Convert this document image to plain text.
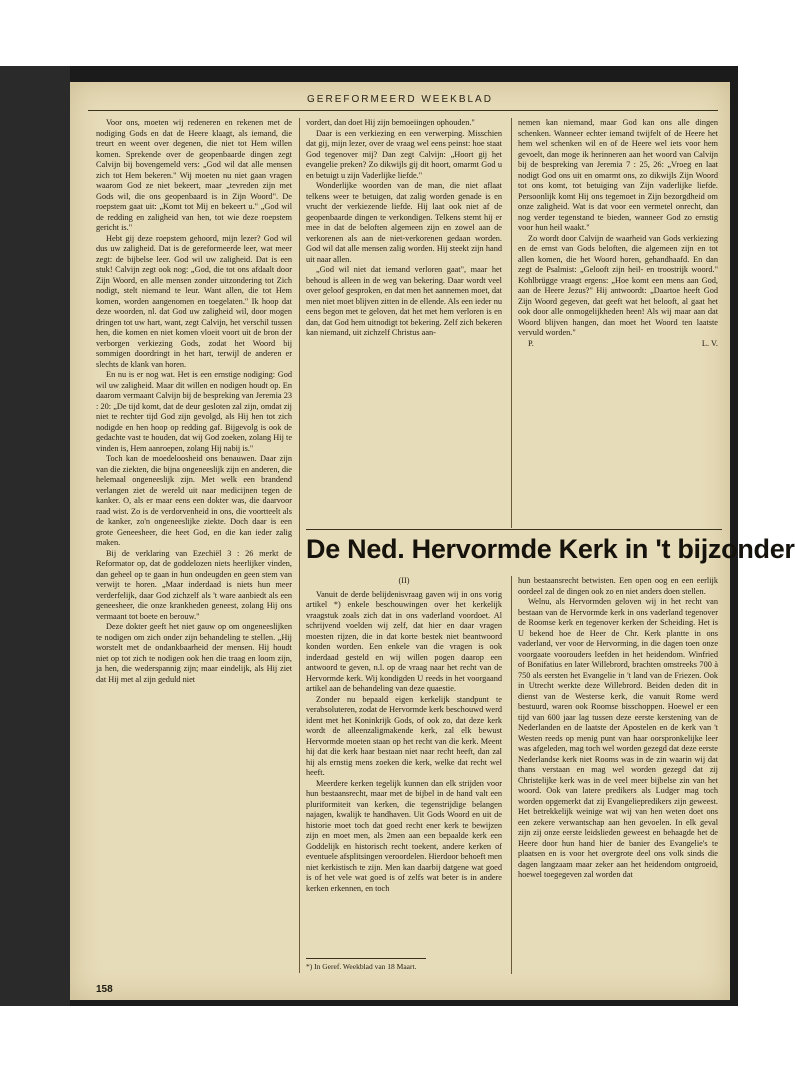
GEREFORMEERD WEEKBLAD

Voor ons, moeten wij redeneren en rekenen met de nodiging Gods en dat de Heere klaagt, als iemand, die treurt en weent over degenen, die niet tot Hem willen komen. Sprekende over de geopenbaarde dingen zegt Calvijn bij bovengemeld vers: „God wil dat alle mensen zich tot Hem bekeren." Wij moeten nu niet gaan vragen waarom God ze niet bekeert, maar „tevreden zijn met Gods wil, die ons geopenbaard is in Zijn Woord". De roepstem gaat uit: „Komt tot Mij en bekeert u." „God wil de redding en zaligheid van hen, tot wie deze roepstem gericht is."

Hebt gij deze roepstem gehoord, mijn lezer? God wil dus uw zaligheid. Dat is de gereformeerde leer, wat meer zegt: de bijbelse leer. God wil uw zaligheid. Dat is een stuk! Calvijn zegt ook nog: „God, die tot ons afdaalt door Zijn Woord, en alle mensen zonder uitzondering tot Zich nodigt, stelt niemand te leur. Want allen, die tot Hem komen, worden aangenomen en toegelaten." Ik hoop dat deze woorden, nl. dat God uw zaligheid wil, door mogen dringen tot uw hart, want, zegt Calvijn, het verschil tussen hen, die komen en niet komen vloeit voort uit de bron der verborgen verkiezing Gods, zodat het Woord bij sommigen doordringt in het hart, terwijl de anderen er slechts de klank van horen.

En nu is er nog wat. Het is een ernstige nodiging: God wil uw zaligheid. Maar dit willen en nodigen houdt op. En daarom vermaant Calvijn bij de bespreking van Jeremia 23 : 20: „De tijd komt, dat de deur gesloten zal zijn, omdat zij niet te rechter tijd God zijn gevolgd, als Hij hen tot zich nodigde en hen hoop op redding gaf. Bijgevolg is ook de gedachte vast te houden, dat wij God zoeken, zolang Hij te vinden is, Hem aanroepen, zolang Hij nabij is."

Toch kan de moedeloosheid ons benauwen. Daar zijn van die ziekten, die bijna ongeneeslijk zijn en anderen, die helemaal ongeneeslijk zijn. Met welk een brandend verlangen ziet de wereld uit naar medicijnen tegen de kanker. O, als er maar eens een dokter was, die daarvoor raad wist. Zo is de verdorvenheid in ons, die voortteelt als de kanker, zo'n ongeneeslijke ziekte. Doch daar is een grote Geneesheer, die heet God, en die kan ieder zalig maken.

Bij de verklaring van Ezechiël 3 : 26 merkt de Reformator op, dat de goddelozen niets heerlijker vinden, dan geheel op te gaan in hun ondeugden en geen stem van verwijt te horen. „Maar inderdaad is niets hun meer verderfelijk, daar God zichzelf als 't ware aanbiedt als een geneesheer, die onze krankheden geneest, zolang Hij ons vermaant tot boete en berouw."

Deze dokter geeft het niet gauw op om ongeneeslijken te nodigen om zich onder zijn behandeling te stellen. „Hij worstelt met de ondankbaarheid der mensen. Hij houdt niet op tot zich te nodigen ook hen die traag en loom zijn, ja hen, die wederspannig zijn; maar eindelijk, als Hij ziet dat Hij met al zijn geduld niet

vordert, dan doet Hij zijn bemoeiingen ophouden."

Daar is een verkiezing en een verwerping. Misschien dat gij, mijn lezer, over de vraag wel eens peinst: hoe staat God tegenover mij? Dan zegt Calvijn: „Hoort gij het evangelie preken? Zo dikwijls gij dit hoort, omarmt God u en betuigt u zijn Vaderlijke liefde."

Wonderlijke woorden van de man, die niet aflaat telkens weer te betuigen, dat zalig worden genade is en vrucht der verkiezende liefde. Hij laat ook niet af de geopenbaarde dingen te verkondigen. Telkens stemt hij er mee in dat de beloften algemeen zijn en zowel aan de verkorenen als aan de niet-verkorenen gedaan worden. God wil dat alle mensen zalig worden. Hij steekt zijn hand uit naar allen.

„God wil niet dat iemand verloren gaat", maar het behoud is alleen in de weg van bekering. Daar wordt veel over geloof gesproken, en dat men het aannemen moet, dat men niet moet blijven zitten in de ellende. Als een ieder nu eens begon met te geloven, dat het met hem verloren is en dan, dat God hem uitnodigt tot bekering. Zelf zich bekeren kan niemand, uit zichzelf Christus aan-

nemen kan niemand, maar God kan ons alle dingen schenken. Wanneer echter iemand twijfelt of de Heere het hem wel schenken wil en of de Heere wel iets voor hem gevoelt, dan moge ik herinneren aan het woord van Calvijn bij de bespreking van Jeremia 7 : 25, 26: „Vroeg en laat nodigt God ons uit en omarmt ons, zo dikwijls Zijn Woord tot ons komt, tot betuiging van Zijn vaderlijke liefde. Persoonlijk komt Hij ons tegemoet in Zijn bezorgdheid om onze zaligheid. Wat is dat voor een vermetel onrecht, dan nog verder tegenstand te bieden, wanneer God zo ernstig voor hun heil waakt."

Zo wordt door Calvijn de waarheid van Gods verkiezing en de ernst van Gods beloften, die algemeen zijn en tot allen komen, die het Woord horen, gehandhaafd. En dan zegt de Psalmist: „Gelooft zijn heil- en troostrijk woord." Kohlbrügge vraagt ergens: „Hoe komt een mens aan God, aan de Heere Jezus?" Hij antwoordt: „Daartoe heeft God Zijn Woord gegeven, dat geeft wat het belooft, al gaat het ook door alle onmogelijkheden heen! Als wij maar aan dat Woord blijven hangen, dan moet het Woord ten laatste vervuld worden."

P.	L. V.

De Ned. Hervormde Kerk in 't bijzonder

(II)

Vanuit de derde belijdenisvraag gaven wij in ons vorig artikel *) enkele beschouwingen over het kerkelijk vraagstuk zoals zich dat in ons vaderland voordoet. Al schrijvend voelden wij zelf, dat hier en daar vragen moesten rijzen, die in dat korte bestek niet beantwoord konden worden. Een enkele van die vragen is ook inderdaad gesteld en wij willen pogen daarop een antwoord te geven, n.l. op de vraag naar het recht van de Hervormde kerk. Wij kondigden U reeds in het voorgaand artikel aan de behandeling van deze quaestie.

Zonder nu bepaald eigen kerkelijk standpunt te verabsoluteren, zodat de Hervormde kerk beschouwd werd ident met het Koninkrijk Gods, of ook zo, dat deze kerk wordt de alleenzaligmakende kerk, zal elk bewust Hervormde moeten staan op het recht van die kerk. Meent hij dat die kerk haar bestaan niet naar recht heeft, dan zal hij als ernstig mens zoeken die kerk, welke dat recht wel heeft.

Meerdere kerken tegelijk kunnen dan elk strijden voor hun bestaansrecht, maar met de bijbel in de hand valt een pluriformiteit van kerken, die tegenstrijdige belangen najagen, kwalijk te handhaven. Uit Gods Woord en uit de historie moet toch dat goed recht ener kerk te bewijzen zijn en moet men, als 2men aan een bepaalde kerk een Goddelijk en historisch recht toekent, andere kerken of eventuele afsplitsingen veroordelen. Hierdoor behoeft men niet kerkistisch te zijn. Men kan daarbij datgene wat goed is of het vele wat goed is of zelfs wat beter is in andere kerken erkennen, en toch

hun bestaansrecht betwisten. Een open oog en een eerlijk oordeel zal de dingen ook zo en niet anders doen stellen.

Welnu, als Hervormden geloven wij in het recht van bestaan van de Hervormde kerk in ons vaderland tegenover de Roomse kerk en tegenover kerken der Scheiding. Het is U bekend hoe de Heer de Chr. Kerk plantte in ons vaderland, ver voor de Hervorming, in die dagen toen onze voorgaate voorouders leefden in het heidendom. Winfried of Bonifatius en later Willebrord, brachten omstreeks 700 à 750 als eersten het Evangelie in 't land van de Friezen. Ook in Utrecht werkte deze Willebrord. Beiden deden dit in dienst van de Westerse kerk, die vanuit Rome werd bestuurd, waren ook Roomse bisschoppen. Hoewel er een tijd van 600 jaar lag tussen deze eerste kerstening van de Nederlanden en de laatste der Apostelen en de kerk van 't Westen reeds op menig punt van haar oorspronkelijke leer was afgeleden, mag toch wel worden gezegd dat deze eerste Nederlandse kerk niet Rooms was in de zin waarin wij dat thans verstaan en mag wel worden gezegd dat zij Christelijke kerk was in de veel meer bijbelse zin van het woord. Ook van latere predikers als Ludger mag toch worden opgemerkt dat zij Evangeliepredikers zijn geweest. Het betrekkelijk weinige wat wij van hen weten doet ons een zekere verwantschap aan hen gevoelen. In elk geval zijn zij onze eerste leidslieden geweest en behaagde het de Heere door hun hand hier de banier des Evangelie's te plaatsen en is voor het overgrote deel ons volk sinds die dagen langzaam maar zeker aan het heidendom ontgroeid, hoewel toegegeven zal worden dat

*) In Geref. Weekblad van 18 Maart.
158
